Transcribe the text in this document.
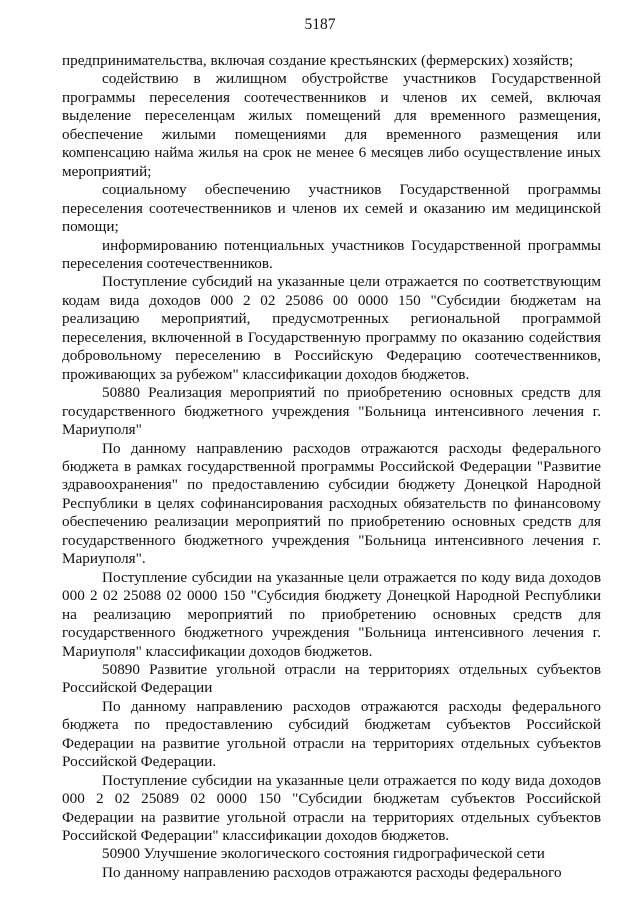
5187

предпринимательства, включая создание крестьянских (фермерских) хозяйств;

содействию в жилищном обустройстве участников Государственной программы переселения соотечественников и членов их семей, включая выделение переселенцам жилых помещений для временного размещения, обеспечение жилыми помещениями для временного размещения или компенсацию найма жилья на срок не менее 6 месяцев либо осуществление иных мероприятий;

социальному обеспечению участников Государственной программы переселения соотечественников и членов их семей и оказанию им медицинской помощи;

информированию потенциальных участников Государственной программы переселения соотечественников.

Поступление субсидий на указанные цели отражается по соответствующим кодам вида доходов 000 2 02 25086 00 0000 150 "Субсидии бюджетам на реализацию мероприятий, предусмотренных региональной программой переселения, включенной в Государственную программу по оказанию содействия добровольному переселению в Российскую Федерацию соотечественников, проживающих за рубежом" классификации доходов бюджетов.

50880 Реализация мероприятий по приобретению основных средств для государственного бюджетного учреждения "Больница интенсивного лечения г. Мариуполя"

По данному направлению расходов отражаются расходы федерального бюджета в рамках государственной программы Российской Федерации "Развитие здравоохранения" по предоставлению субсидии бюджету Донецкой Народной Республики в целях софинансирования расходных обязательств по финансовому обеспечению реализации мероприятий по приобретению основных средств для государственного бюджетного учреждения "Больница интенсивного лечения г. Мариуполя".

Поступление субсидии на указанные цели отражается по коду вида доходов 000 2 02 25088 02 0000 150 "Субсидия бюджету Донецкой Народной Республики на реализацию мероприятий по приобретению основных средств для государственного бюджетного учреждения "Больница интенсивного лечения г. Мариуполя" классификации доходов бюджетов.

50890 Развитие угольной отрасли на территориях отдельных субъектов Российской Федерации

По данному направлению расходов отражаются расходы федерального бюджета по предоставлению субсидий бюджетам субъектов Российской Федерации на развитие угольной отрасли на территориях отдельных субъектов Российской Федерации.

Поступление субсидии на указанные цели отражается по коду вида доходов 000 2 02 25089 02 0000 150 "Субсидии бюджетам субъектов Российской Федерации на развитие угольной отрасли на территориях отдельных субъектов Российской Федерации" классификации доходов бюджетов.

50900 Улучшение экологического состояния гидрографической сети

По данному направлению расходов отражаются расходы федерального
